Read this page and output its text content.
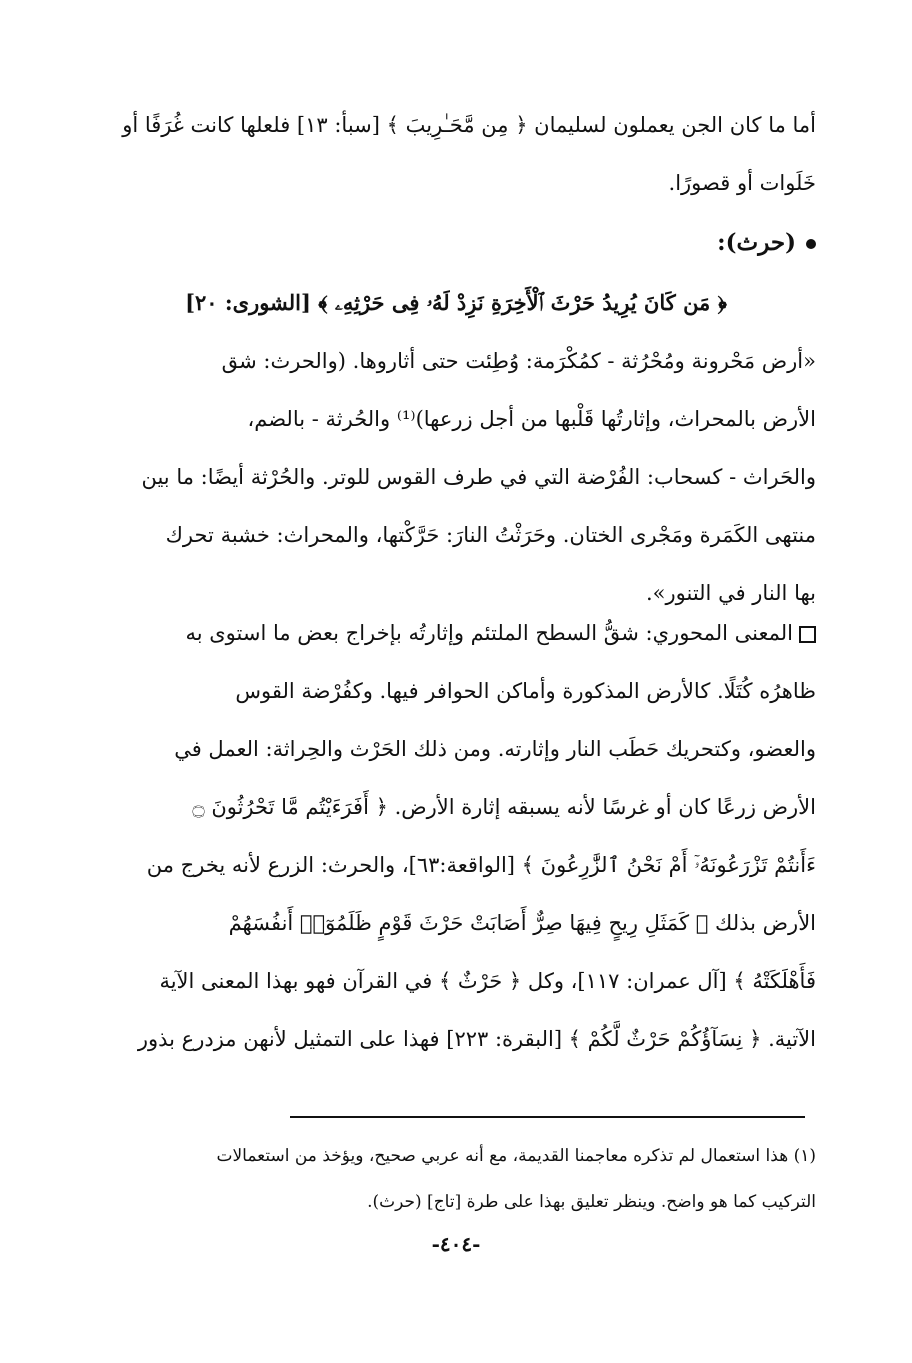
أما ما كان الجن يعملون لسليمان ﴿ مِن مَّحَـٰرِيبَ ﴾ [سبأ: ١٣] فلعلها كانت غُرَفًا أو
خَلَوات أو قصورًا.
(حرث):
﴿ مَن كَانَ يُرِيدُ حَرْثَ ٱلْأَخِرَةِ نَزِدْ لَهُۥ فِى حَرْثِهِۦ ﴾ [الشورى: ٢٠]
«أرض مَحْرونة ومُحْرُثة - كمُكْرَمة: وُطِئت حتى أثاروها. (والحرث: شق
الأرض بالمحراث، وإثارتُها قَلْبها من أجل زرعها)⁽¹⁾ والحُرثة - بالضم،
والحَراث - كسحاب: الفُرْضة التي في طرف القوس للوتر. والحُرْثة أيضًا: ما بين
منتهى الكَمَرة ومَجْرى الختان. وحَرَثْتُ النارَ: حَرَّكْتها، والمحراث: خشبة تحرك
بها النار في التنور».
المعنى المحوري: شقُّ السطح الملتئم وإثارتُه بإخراج بعض ما استوى به
ظاهرُه كُتَلًا. كالأرض المذكورة وأماكن الحوافر فيها. وكفُرْضة القوس
والعضو، وكتحريك حَطَب النار وإثارته. ومن ذلك الحَرْث والحِراثة: العمل في
الأرض زرعًا كان أو غرسًا لأنه يسبقه إثارة الأرض. ﴿ أَفَرَءَيْتُم مَّا تَحْرُثُونَ ۝
ءَأَنتُمْ تَزْرَعُونَهُۥٓ أَمْ نَحْنُ ٱلزَّٰرِعُونَ ﴾ [الواقعة:٦٣]، والحرث: الزرع لأنه يخرج من
الأرض بذلك ﴿ كَمَثَلِ رِيحٍ فِيهَا صِرٌّ أَصَابَتْ حَرْثَ قَوْمٍ ظَلَمُوٓا۟ أَنفُسَهُمْ
فَأَهْلَكَتْهُ ﴾ [آل عمران: ١١٧]، وكل ﴿ حَرْثٌ ﴾ في القرآن فهو بهذا المعنى الآية
الآتية. ﴿ نِسَآؤُكُمْ حَرْثٌ لَّكُمْ ﴾ [البقرة: ٢٢٣] فهذا على التمثيل لأنهن مزدرع بذور
(١) هذا استعمال لم تذكره معاجمنا القديمة، مع أنه عربي صحيح، ويؤخذ من استعمالات
التركيب كما هو واضح. وينظر تعليق بهذا على طرة [تاج] (حرث).
-٤٠٤-
